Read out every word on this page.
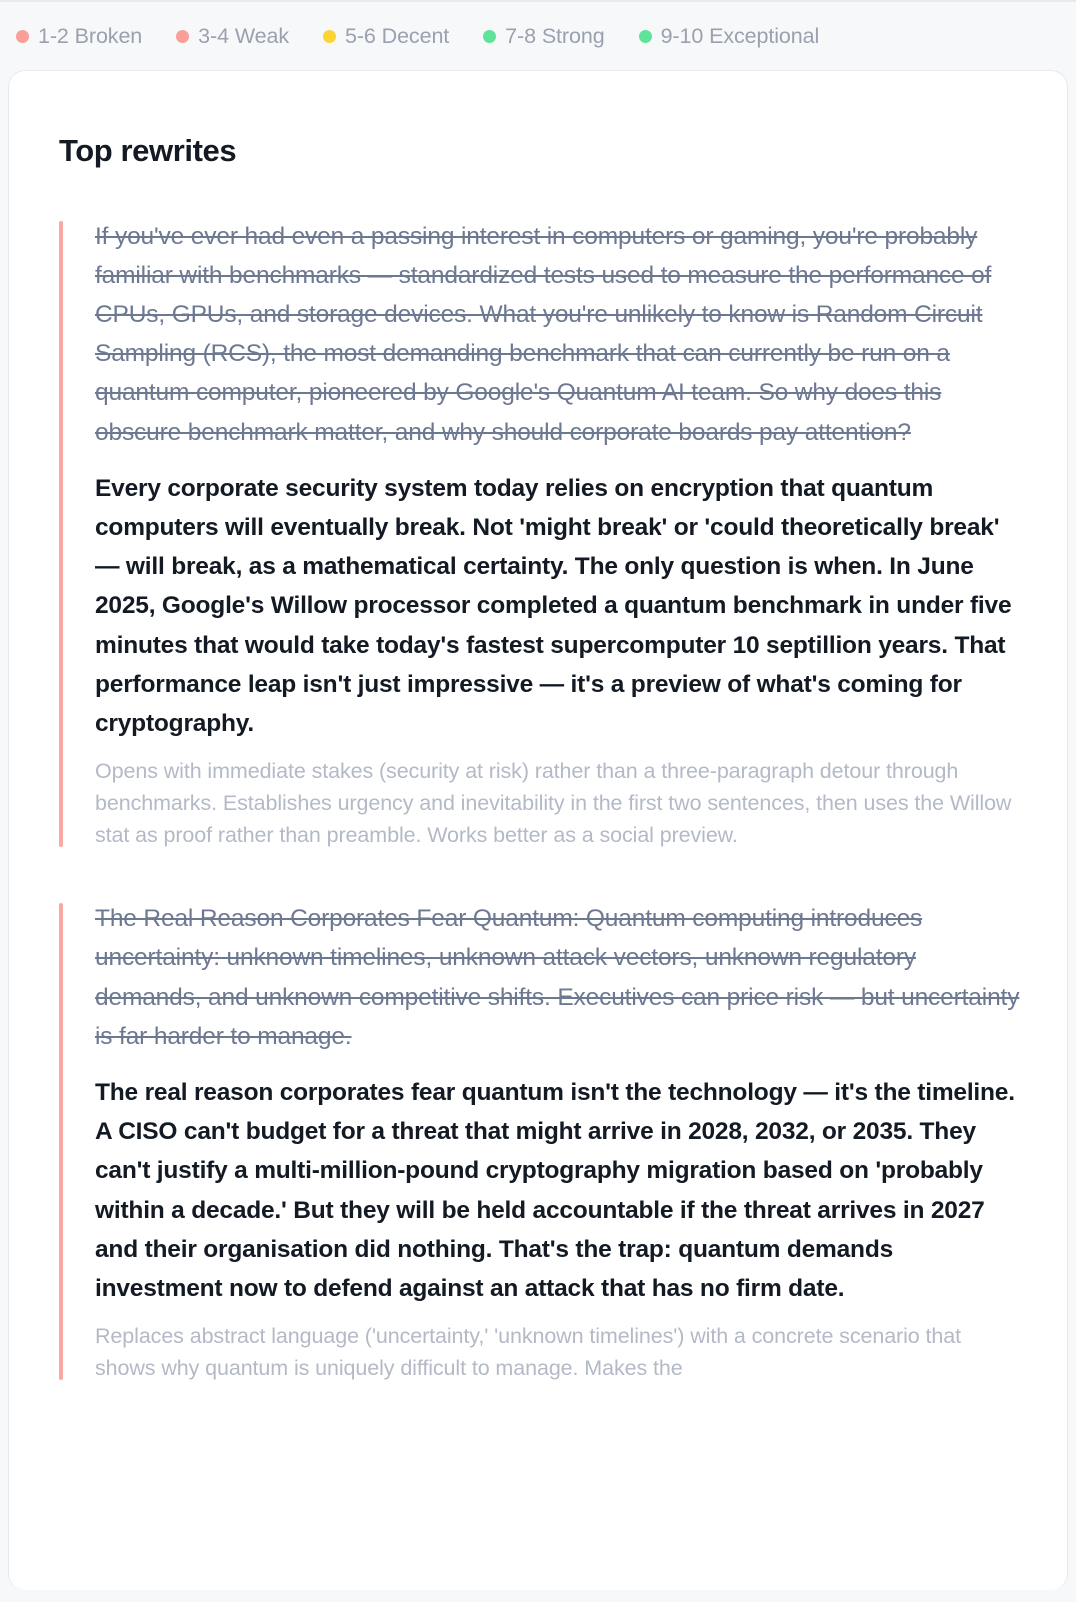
1-2 Broken	3-4 Weak	5-6 Decent	7-8 Strong	9-10 Exceptional
Top rewrites

If you've ever had even a passing interest in computers or gaming, you're probably familiar with benchmarks — standardized tests used to measure the performance of CPUs, GPUs, and storage devices. What you're unlikely to know is Random Circuit Sampling (RCS), the most demanding benchmark that can currently be run on a quantum computer, pioneered by Google's Quantum AI team. So why does this obscure benchmark matter, and why should corporate boards pay attention?

Every corporate security system today relies on encryption that quantum computers will eventually break. Not 'might break' or 'could theoretically break' — will break, as a mathematical certainty. The only question is when. In June 2025, Google's Willow processor completed a quantum benchmark in under five minutes that would take today's fastest supercomputer 10 septillion years. That performance leap isn't just impressive — it's a preview of what's coming for cryptography.

Opens with immediate stakes (security at risk) rather than a three-paragraph detour through benchmarks. Establishes urgency and inevitability in the first two sentences, then uses the Willow stat as proof rather than preamble. Works better as a social preview.

The Real Reason Corporates Fear Quantum: Quantum computing introduces uncertainty: unknown timelines, unknown attack vectors, unknown regulatory demands, and unknown competitive shifts. Executives can price risk — but uncertainty is far harder to manage.

The real reason corporates fear quantum isn't the technology — it's the timeline. A CISO can't budget for a threat that might arrive in 2028, 2032, or 2035. They can't justify a multi-million-pound cryptography migration based on 'probably within a decade.' But they will be held accountable if the threat arrives in 2027 and their organisation did nothing. That's the trap: quantum demands investment now to defend against an attack that has no firm date.

Replaces abstract language ('uncertainty,' 'unknown timelines') with a concrete scenario that shows why quantum is uniquely difficult to manage. Makes the
